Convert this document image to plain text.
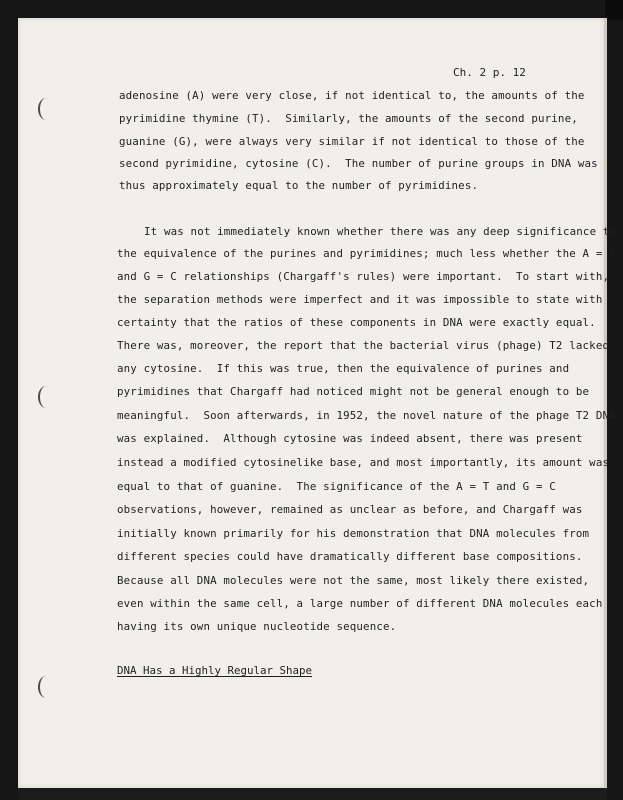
Ch. 2 p. 12
adenosine (A) were very close, if not identical to, the amounts of the
pyrimidine thymine (T).  Similarly, the amounts of the second purine,
guanine (G), were always very similar if not identical to those of the
second pyrimidine, cytosine (C).  The number of purine groups in DNA was
thus approximately equal to the number of pyrimidines.
It was not immediately known whether there was any deep significance to
the equivalence of the purines and pyrimidines; much less whether the A = T
and G = C relationships (Chargaff's rules) were important.  To start with,
the separation methods were imperfect and it was impossible to state with
certainty that the ratios of these components in DNA were exactly equal.
There was, moreover, the report that the bacterial virus (phage) T2 lacked
any cytosine.  If this was true, then the equivalence of purines and
pyrimidines that Chargaff had noticed might not be general enough to be
meaningful.  Soon afterwards, in 1952, the novel nature of the phage T2 DNA
was explained.  Although cytosine was indeed absent, there was present
instead a modified cytosinelike base, and most importantly, its amount was
equal to that of guanine.  The significance of the A = T and G = C
observations, however, remained as unclear as before, and Chargaff was
initially known primarily for his demonstration that DNA molecules from
different species could have dramatically different base compositions.
Because all DNA molecules were not the same, most likely there existed,
even within the same cell, a large number of different DNA molecules each
having its own unique nucleotide sequence.
DNA Has a Highly Regular Shape
